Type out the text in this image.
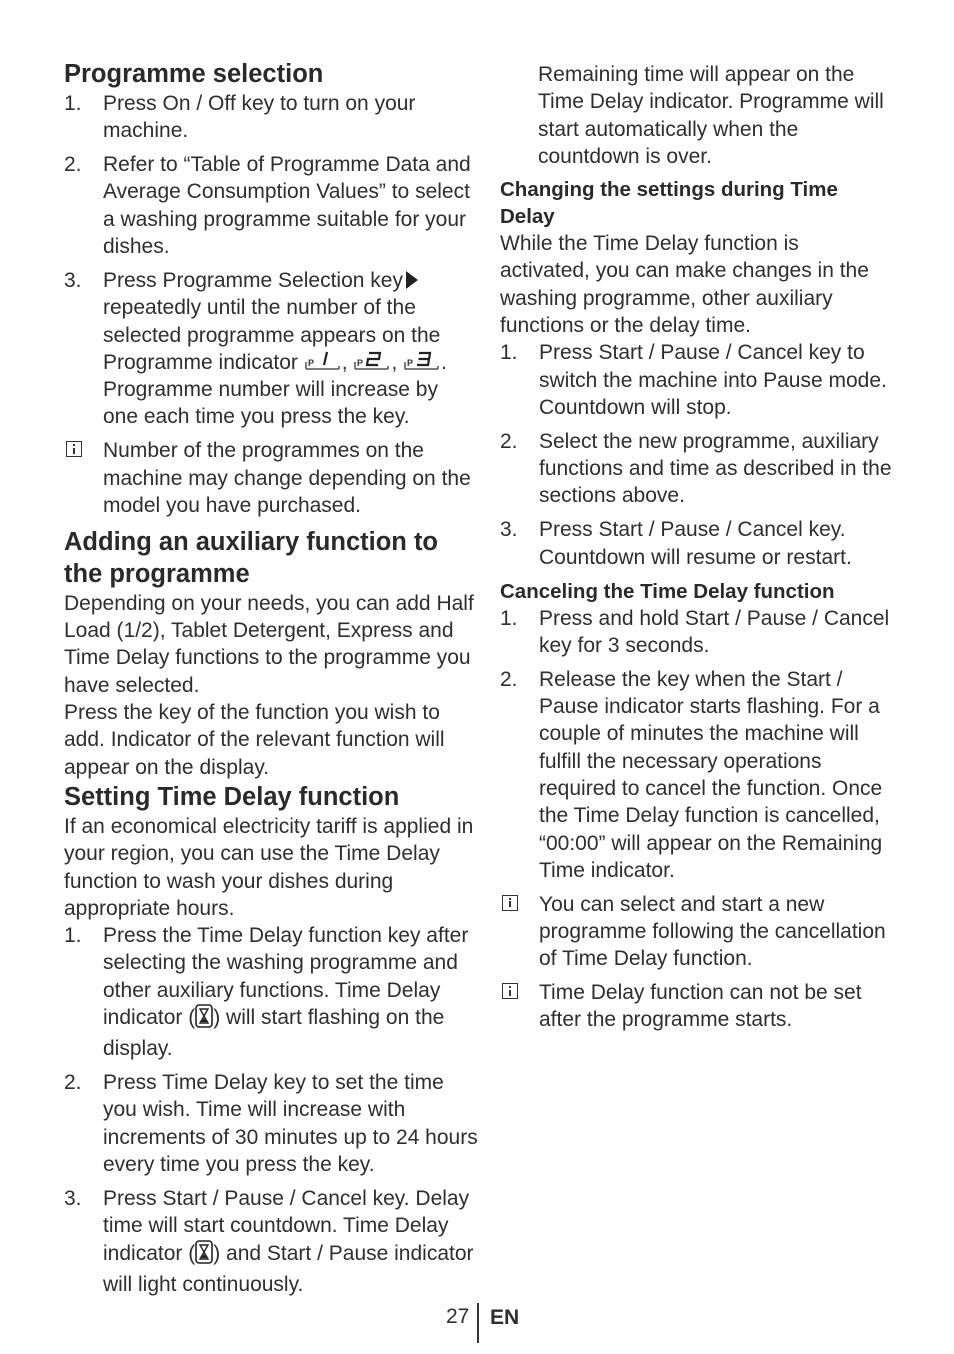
Programme selection
1. Press On / Off key to turn on your machine.
2. Refer to “Table of Programme Data and Average Consumption Values” to select a washing programme suitable for your dishes.
3. Press Programme Selection key repeatedly until the number of the selected programme appears on the Programme indicator P , P , P . Programme number will increase by one each time you press the key.
Number of the programmes on the machine may change depending on the model you have purchased.
Adding an auxiliary function to the programme

Depending on your needs, you can add Half Load (1/2), Tablet Detergent, Express and Time Delay functions to the programme you have selected.

Press the key of the function you wish to add. Indicator of the relevant function will appear on the display.

Setting Time Delay function

If an economical electricity tariff is applied in your region, you can use the Time Delay function to wash your dishes during appropriate hours.

1. Press the Time Delay function key after selecting the washing programme and other auxiliary functions. Time Delay indicator ( ) will start flashing on the display.
2. Press Time Delay key to set the time you wish. Time will increase with increments of 30 minutes up to 24 hours every time you press the key.
3. Press Start / Pause / Cancel key. Delay time will start countdown. Time Delay indicator ( ) and Start / Pause indicator will light continuously.

Remaining time will appear on the Time Delay indicator. Programme will start automatically when the countdown is over.

Changing the settings during Time Delay

While the Time Delay function is activated, you can make changes in the washing programme, other auxiliary functions or the delay time.

1. Press Start / Pause / Cancel key to switch the machine into Pause mode. Countdown will stop.
2. Select the new programme, auxiliary functions and time as described in the sections above.
3. Press Start / Pause / Cancel key. Countdown will resume or restart.
Canceling the Time Delay function
1. Press and hold Start / Pause / Cancel key for 3 seconds.
2. Release the key when the Start / Pause indicator starts flashing. For a couple of minutes the machine will fulfill the necessary operations required to cancel the function. Once the Time Delay function is cancelled, “00:00” will appear on the Remaining Time indicator.
You can select and start a new programme following the cancellation of Time Delay function.
Time Delay function can not be set after the programme starts.
27 EN
